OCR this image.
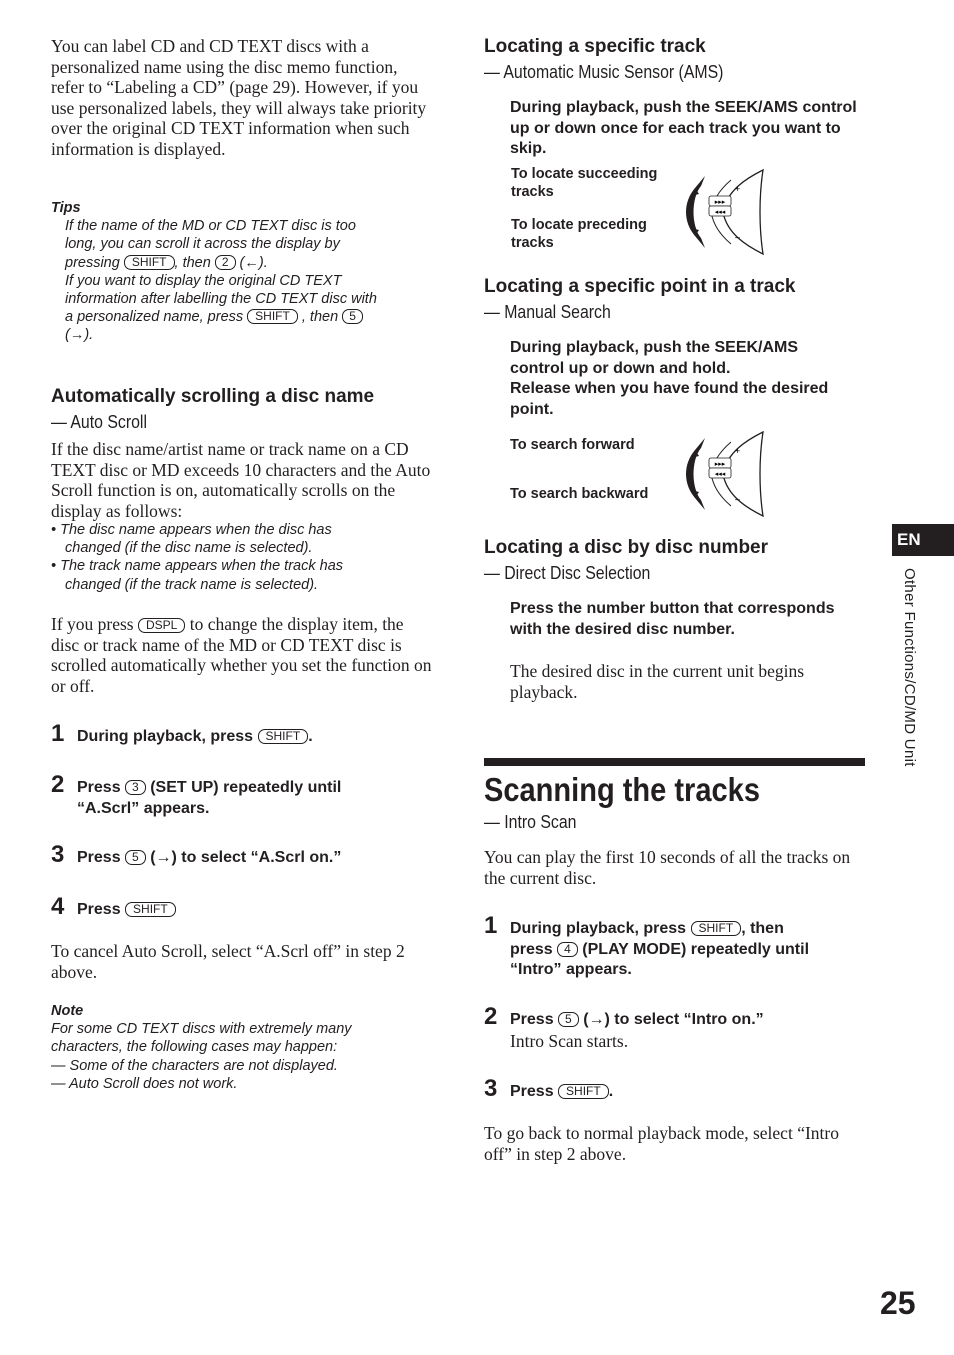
You can label CD and CD TEXT discs with a personalized name using the disc memo function, refer to “Labeling a CD” (page 29). However, if you use personalized labels, they will always take priority over the original CD TEXT information when such information is displayed.

Tips
If the name of the MD or CD TEXT disc is too
long, you can scroll it across the display by
pressing SHIFT , then 2 (←).
If you want to display the original CD TEXT
information after labelling the CD TEXT disc with
a personalized name, press SHIFT , then 5
(→).
Automatically scrolling a disc name
— Auto Scroll

If the disc name/artist name or track name on a CD TEXT disc or MD exceeds 10 characters and the Auto Scroll function is on, automatically scrolls on the display as follows:

• The disc name appears when the disc has
changed (if the disc name is selected).
• The track name appears when the track has
changed (if the track name is selected).
If you press DSPL to change the display item, the disc or track name of the MD or CD TEXT disc is scrolled automatically whether you set the function on or off.
1 During playback, press SHIFT .
2 Press 3 (SET UP) repeatedly until
“A.Scrl” appears.
3 Press 5 (→) to select “A.Scrl on.”
4 Press SHIFT

To cancel Auto Scroll, select “A.Scrl off” in step 2 above.

Note
For some CD TEXT discs with extremely many
characters, the following cases may happen:
— Some of the characters are not displayed.
— Auto Scroll does not work.
Locating a specific track
— Automatic Music Sensor (AMS)
During playback, push the SEEK/AMS control up or down once for each track you want to skip.
To locate succeeding tracks
To locate preceding tracks
▸▸▸
◂◂◂
+
–
Locating a specific point in a track
— Manual Search
During playback, push the SEEK/AMS control up or down and hold.
Release when you have found the desired point.
To search forward
To search backward
▸▸▸
◂◂◂
+
–
Locating a disc by disc number
— Direct Disc Selection
Press the number button that corresponds with the desired disc number.
The desired disc in the current unit begins playback.
Scanning the tracks
— Intro Scan

You can play the first 10 seconds of all the tracks on the current disc.

1 During playback, press SHIFT , then
press 4 (PLAY MODE) repeatedly until
“Intro” appears.
2 Press 5 (→) to select “Intro on.”
Intro Scan starts.
3 Press SHIFT .

To go back to normal playback mode, select “Intro off” in step 2 above.

EN
Other Functions/CD/MD Unit
25
